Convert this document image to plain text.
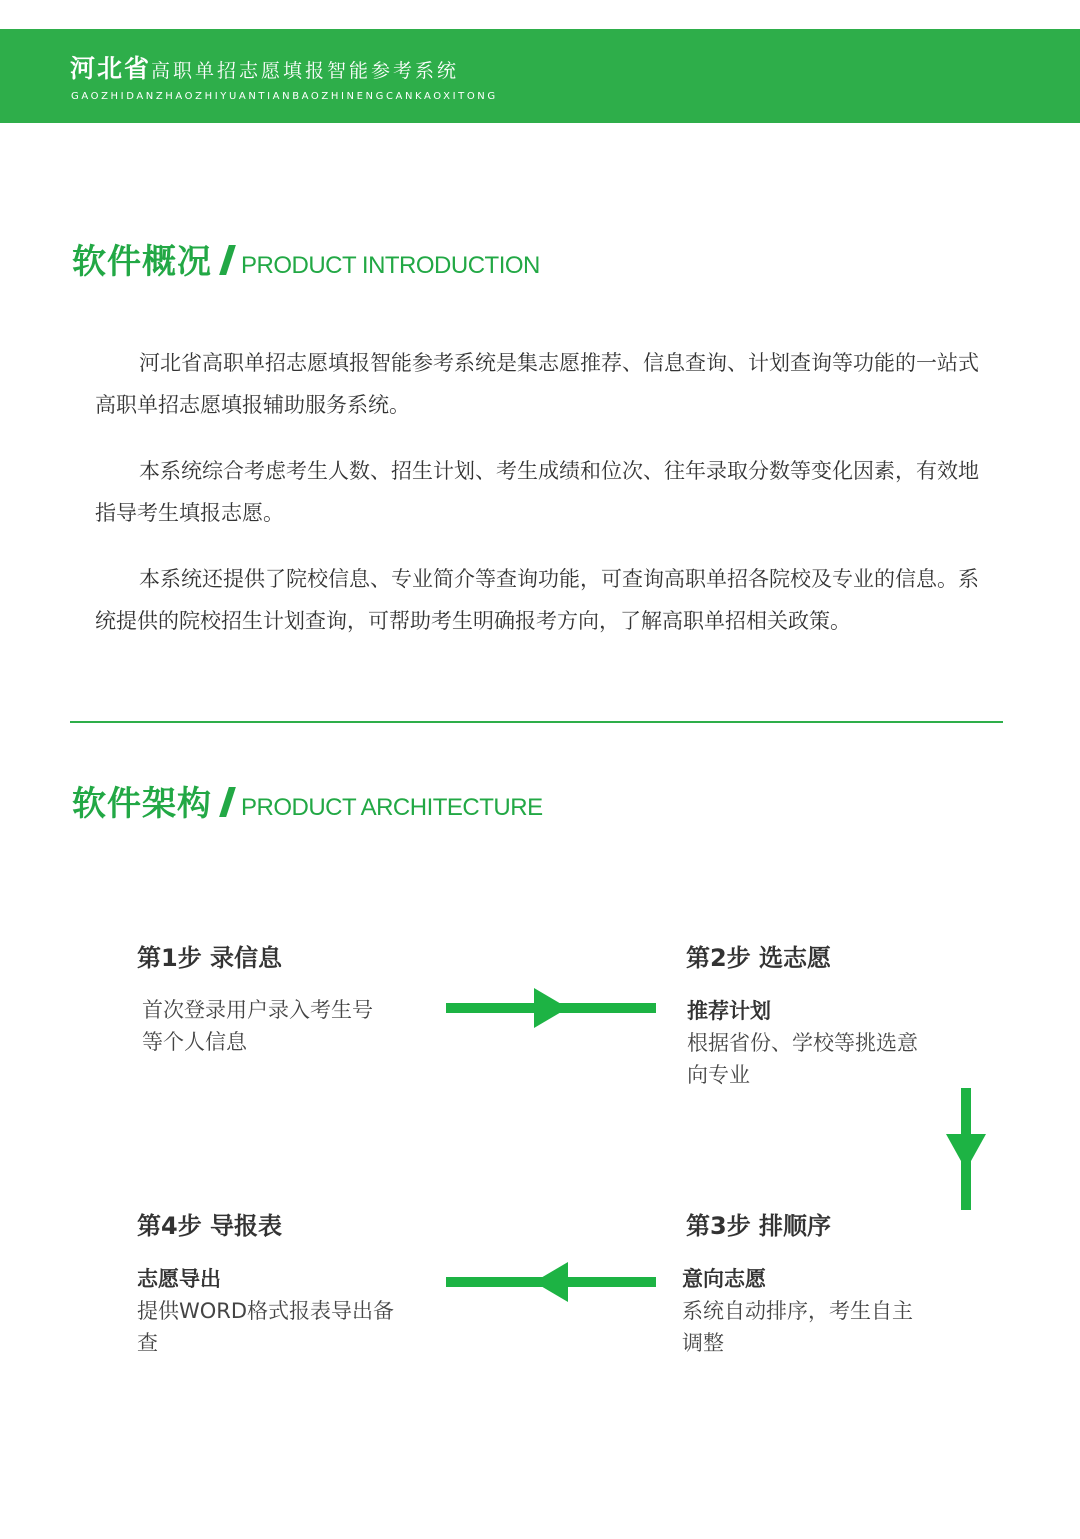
河北省高职单招志愿填报智能参考系统
GAOZHIDANZHAOZHIYUANTIANBAOZHINENGCANKAOXITONG
软件概况 PRODUCT INTRODUCTION

河北省高职单招志愿填报智能参考系统是集志愿推荐、信息查询、计划查询等功能的一站式高职单招志愿填报辅助服务系统。

本系统综合考虑考生人数、招生计划、考生成绩和位次、往年录取分数等变化因素，有效地指导考生填报志愿。

本系统还提供了院校信息、专业简介等查询功能，可查询高职单招各院校及专业的信息。系统提供的院校招生计划查询，可帮助考生明确报考方向，了解高职单招相关政策。

软件架构 PRODUCT ARCHITECTURE
第1步 录信息

首次登录用户录入考生号等个人信息

第2步 选志愿
推荐计划

根据省份、学校等挑选意向专业

第3步 排顺序
意向志愿

系统自动排序，考生自主调整

第4步 导报表
志愿导出

提供WORD格式报表导出备查
